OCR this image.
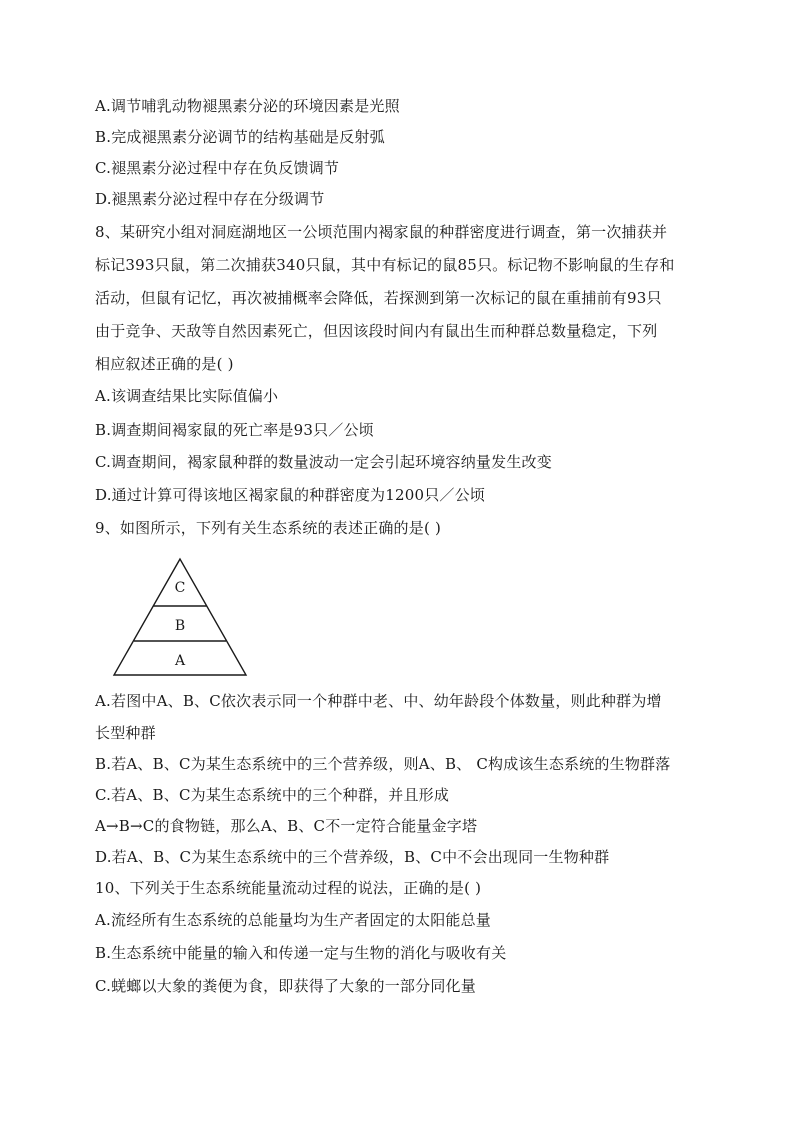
A.调节哺乳动物褪黑素分泌的环境因素是光照
B.完成褪黑素分泌调节的结构基础是反射弧
C.褪黑素分泌过程中存在负反馈调节
D.褪黑素分泌过程中存在分级调节
8、某研究小组对洞庭湖地区一公顷范围内褐家鼠的种群密度进行调查，第一次捕获并
标记393只鼠，第二次捕获340只鼠，其中有标记的鼠85只。标记物不影响鼠的生存和
活动，但鼠有记忆，再次被捕概率会降低，若探测到第一次标记的鼠在重捕前有93只
由于竞争、天敌等自然因素死亡，但因该段时间内有鼠出生而种群总数量稳定，下列
相应叙述正确的是( )
A.该调查结果比实际值偏小
B.调查期间褐家鼠的死亡率是93只／公顷
C.调查期间，褐家鼠种群的数量波动一定会引起环境容纳量发生改变
D.通过计算可得该地区褐家鼠的种群密度为1200只／公顷
9、如图所示，下列有关生态系统的表述正确的是( )
C
B
A
A.若图中A、B、C依次表示同一个种群中老、中、幼年龄段个体数量，则此种群为增
长型种群
B.若A、B、C为某生态系统中的三个营养级，则A、B、 C构成该生态系统的生物群落
C.若A、B、C为某生态系统中的三个种群，并且形成
A→B→C的食物链，那么A、B、C不一定符合能量金字塔
D.若A、B、C为某生态系统中的三个营养级，B、C中不会出现同一生物种群
10、下列关于生态系统能量流动过程的说法，正确的是( )
A.流经所有生态系统的总能量均为生产者固定的太阳能总量
B.生态系统中能量的输入和传递一定与生物的消化与吸收有关
C.蜣螂以大象的粪便为食，即获得了大象的一部分同化量
